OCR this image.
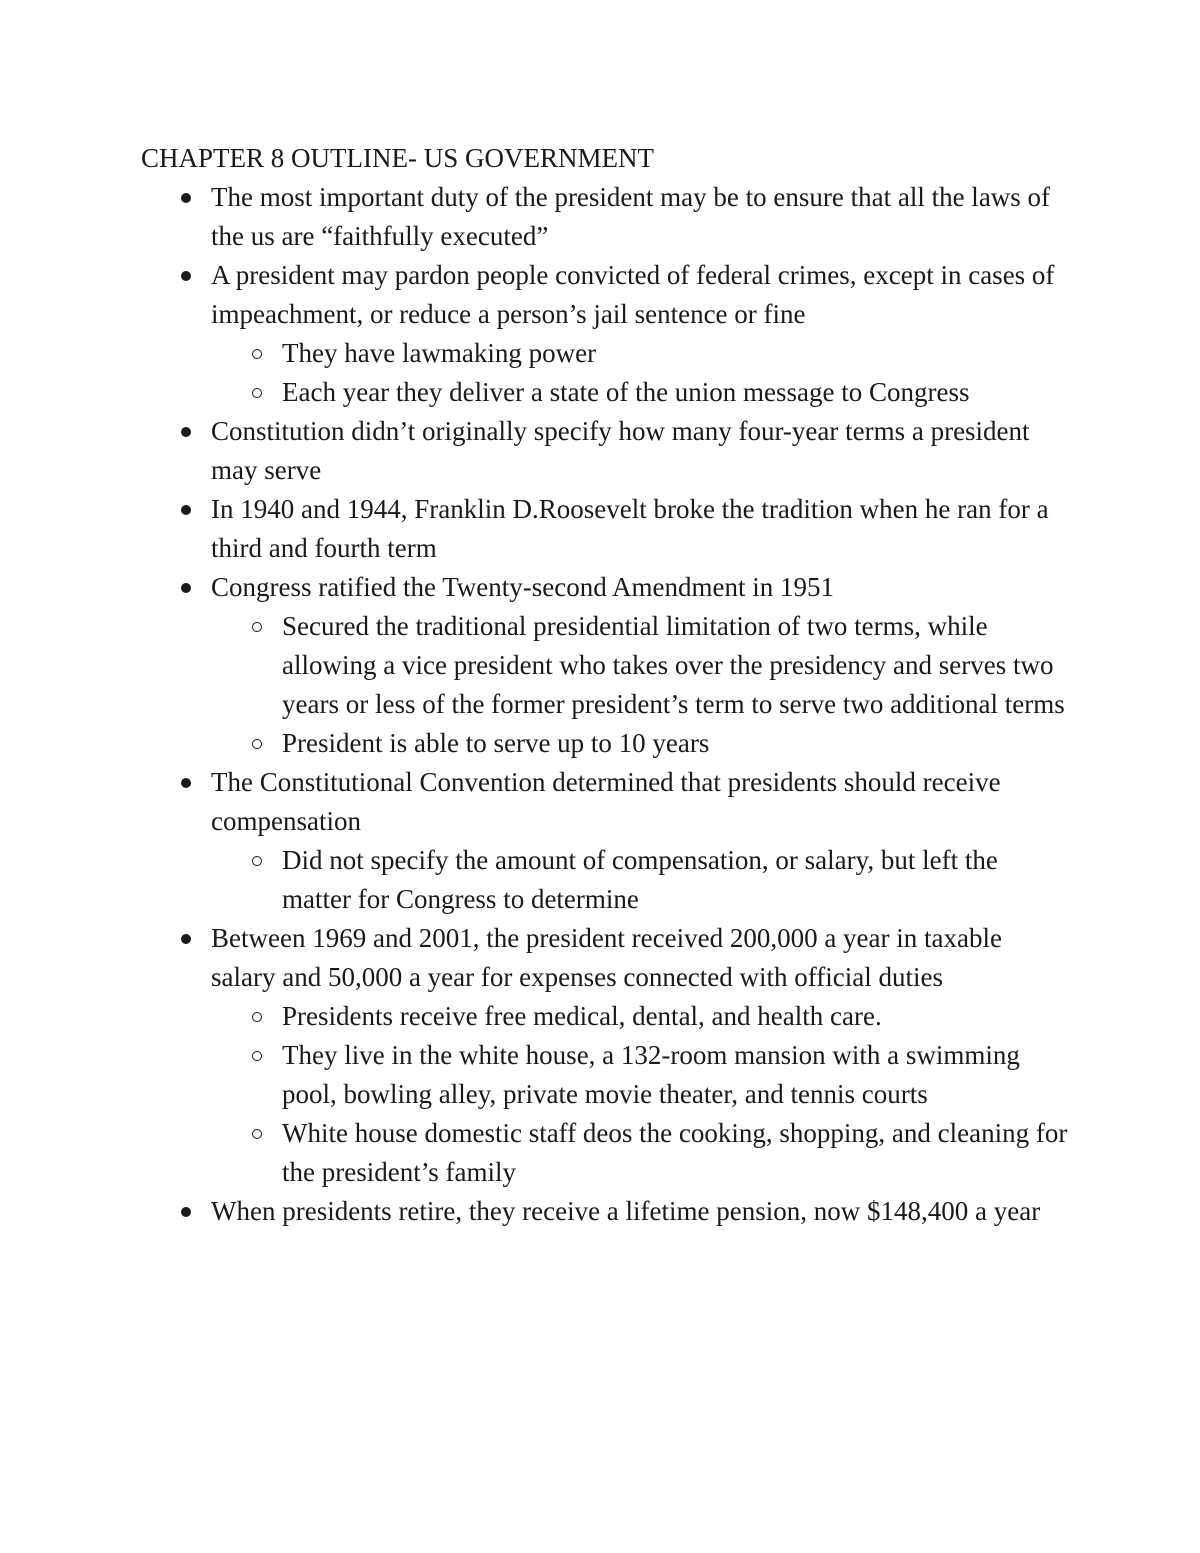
CHAPTER 8 OUTLINE- US GOVERNMENT
The most important duty of the president may be to ensure that all the laws of the us are “faithfully executed”
A president may pardon people convicted of federal crimes, except in cases of impeachment, or reduce a person’s jail sentence or fine
They have lawmaking power
Each year they deliver a state of the union message to Congress
Constitution didn’t originally specify how many four-year terms a president may serve
In 1940 and 1944, Franklin D.Roosevelt broke the tradition when he ran for a third and fourth term
Congress ratified the Twenty-second Amendment in 1951
Secured the traditional presidential limitation of two terms, while allowing a vice president who takes over the presidency and serves two years or less of the former president’s term to serve two additional terms
President is able to serve up to 10 years
The Constitutional Convention determined that presidents should receive compensation
Did not specify the amount of compensation, or salary, but left the matter for Congress to determine
Between 1969 and 2001, the president received 200,000 a year in taxable salary and 50,000 a year for expenses connected with official duties
Presidents receive free medical, dental, and health care.
They live in the white house, a 132-room mansion with a swimming pool, bowling alley, private movie theater, and tennis courts
White house domestic staff deos the cooking, shopping, and cleaning for the president’s family
When presidents retire, they receive a lifetime pension, now $148,400 a year
